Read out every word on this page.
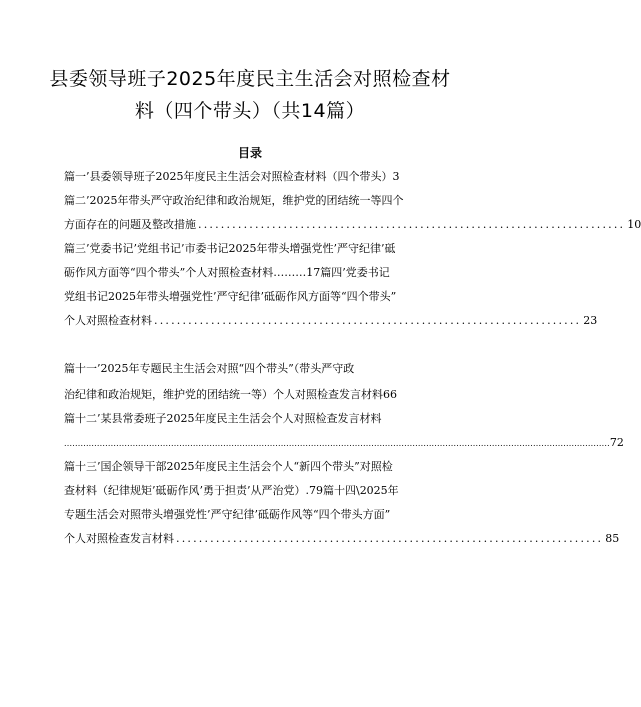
县委领导班子2025年度民主生活会对照检查材
料（四个带头）（共14篇）
目录
篇一’县委领导班子2025年度民主生活会对照检查材料（四个带头）3
篇二’2025年带头严守政治纪律和政治规矩，维护党的团结统一等四个
方面存在的问题及整改措施 ........................................................................... 10
篇三’党委书记’党组书记’市委书记2025年带头增强党性’严守纪律’砥
砺作风方面等“四个带头”个人对照检查材料………17篇四’党委书记
党组书记2025年带头增强党性’严守纪律’砥砺作风方面等“四个带头”
个人对照检查材料 ........................................................................... 23
篇十一’2025年专题民主生活会对照“四个带头”（带头严守政
治纪律和政治规矩，维护党的团结统一等）个人对照检查发言材料66
篇十二’某县常委班子2025年度民主生活会个人对照检查发言材料
....................................................................................................................................................................................................... 72
篇十三’国企领导干部2025年度民主生活会个人“新四个带头”对照检
查材料（纪律规矩’砥砺作风’勇于担责’从严治党）.79篇十四\2025年
专题生活会对照带头增强党性’严守纪律’砥砺作风等“四个带头方面”
个人对照检查发言材料 ........................................................................... 85
